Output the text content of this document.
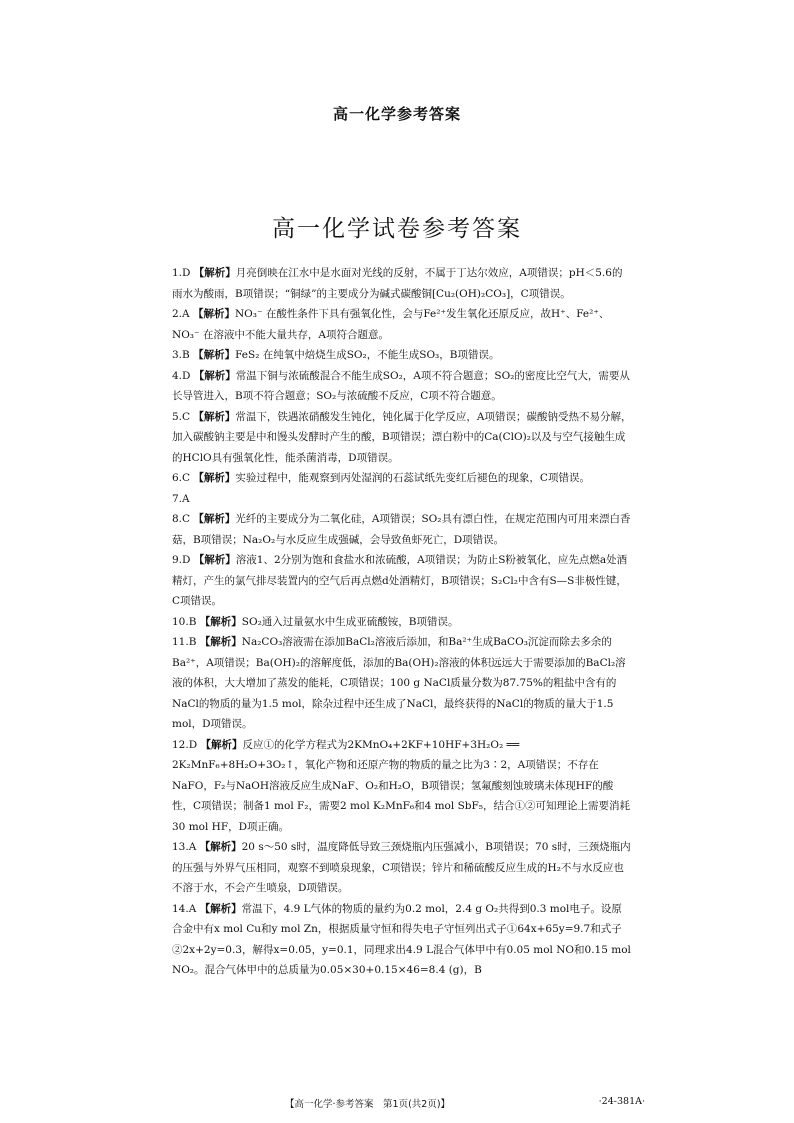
高一化学参考答案
高一化学试卷参考答案
1.D 【解析】月亮倒映在江水中是水面对光线的反射，不属于丁达尔效应，A项错误；pH＜5.6的雨水为酸雨，B项错误；“铜绿”的主要成分为碱式碳酸铜[Cu₂(OH)₂CO₃]，C项错误。
2.A 【解析】NO₃⁻ 在酸性条件下具有强氧化性，会与Fe²⁺发生氧化还原反应，故H⁺、Fe²⁺、NO₃⁻ 在溶液中不能大量共存，A项符合题意。
3.B 【解析】FeS₂ 在纯氧中焙烧生成SO₂，不能生成SO₃，B项错误。
4.D 【解析】常温下铜与浓硫酸混合不能生成SO₂，A项不符合题意；SO₂的密度比空气大，需要从长导管进入，B项不符合题意；SO₂与浓硫酸不反应，C项不符合题意。
5.C 【解析】常温下，铁遇浓硝酸发生钝化，钝化属于化学反应，A项错误；碳酸钠受热不易分解，加入碳酸钠主要是中和馒头发酵时产生的酸，B项错误；漂白粉中的Ca(ClO)₂以及与空气接触生成的HClO具有强氧化性，能杀菌消毒，D项错误。
6.C 【解析】实验过程中，能观察到丙处湿润的石蕊试纸先变红后褪色的现象，C项错误。
7.A
8.C 【解析】光纤的主要成分为二氧化硅，A项错误；SO₂具有漂白性，在规定范围内可用来漂白香菇，B项错误；Na₂O₂与水反应生成强碱，会导致鱼虾死亡，D项错误。
9.D 【解析】溶液1、2分别为饱和食盐水和浓硫酸，A项错误；为防止S粉被氧化，应先点燃a处酒精灯，产生的氯气排尽装置内的空气后再点燃d处酒精灯，B项错误；S₂Cl₂中含有S—S非极性键，C项错误。
10.B 【解析】SO₂通入过量氨水中生成亚硫酸铵，B项错误。
11.B 【解析】Na₂CO₃溶液需在添加BaCl₂溶液后添加，和Ba²⁺生成BaCO₃沉淀而除去多余的Ba²⁺，A项错误；Ba(OH)₂的溶解度低，添加的Ba(OH)₂溶液的体积远远大于需要添加的BaCl₂溶液的体积，大大增加了蒸发的能耗，C项错误；100 g NaCl质量分数为87.75%的粗盐中含有的NaCl的物质的量为1.5 mol，除杂过程中还生成了NaCl，最终获得的NaCl的物质的量大于1.5 mol，D项错误。
12.D 【解析】反应①的化学方程式为2KMnO₄+2KF+10HF+3H₂O₂ ══ 2K₂MnF₆+8H₂O+3O₂↑，氧化产物和还原产物的物质的量之比为3∶2，A项错误；不存在NaFO，F₂与NaOH溶液反应生成NaF、O₂和H₂O，B项错误；氢氟酸刻蚀玻璃未体现HF的酸性，C项错误；制备1 mol F₂，需要2 mol K₂MnF₆和4 mol SbF₅，结合①②可知理论上需要消耗30 mol HF，D项正确。
13.A 【解析】20 s～50 s时，温度降低导致三颈烧瓶内压强减小，B项错误；70 s时，三颈烧瓶内的压强与外界气压相同，观察不到喷泉现象，C项错误；锌片和稀硫酸反应生成的H₂不与水反应也不溶于水，不会产生喷泉，D项错误。
14.A 【解析】常温下，4.9 L气体的物质的量约为0.2 mol，2.4 g O₂共得到0.3 mol电子。设原合金中有x mol Cu和y mol Zn，根据质量守恒和得失电子守恒列出式子①64x+65y=9.7和式子②2x+2y=0.3，解得x=0.05，y=0.1，同理求出4.9 L混合气体甲中有0.05 mol NO和0.15 mol NO₂。混合气体甲中的总质量为0.05×30+0.15×46=8.4 (g)，B
【高一化学·参考答案　第1页(共2页)】	·24-381A·
